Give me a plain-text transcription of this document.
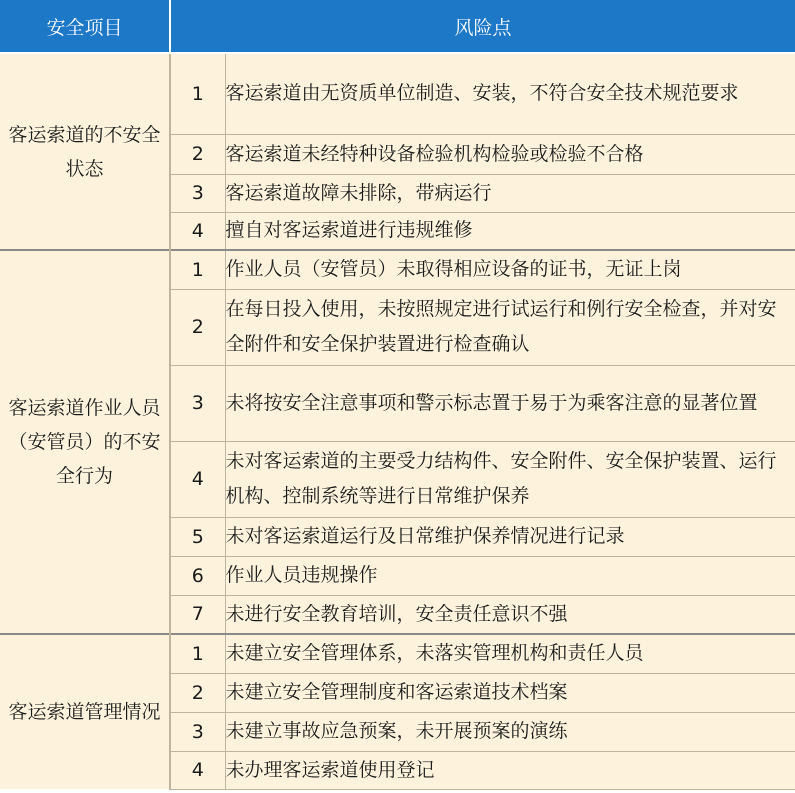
安全项目	风险点	
客运索道的不安全状态	1	客运索道由无资质单位制造、安装，不符合安全技术规范要求
	2	客运索道未经特种设备检验机构检验或检验不合格
	3	客运索道故障未排除，带病运行
	4	擅自对客运索道进行违规维修
客运索道作业人员（安管员）的不安全行为	1	作业人员（安管员）未取得相应设备的证书，无证上岗
	2	在每日投入使用，未按照规定进行试运行和例行安全检查，并对安全附件和安全保护装置进行检查确认
	3	未将按安全注意事项和警示标志置于易于为乘客注意的显著位置
	4	未对客运索道的主要受力结构件、安全附件、安全保护装置、运行机构、控制系统等进行日常维护保养
	5	未对客运索道运行及日常维护保养情况进行记录
	6	作业人员违规操作
	7	未进行安全教育培训，安全责任意识不强
客运索道管理情况	1	未建立安全管理体系，未落实管理机构和责任人员
	2	未建立安全管理制度和客运索道技术档案
	3	未建立事故应急预案，未开展预案的演练
	4	未办理客运索道使用登记
